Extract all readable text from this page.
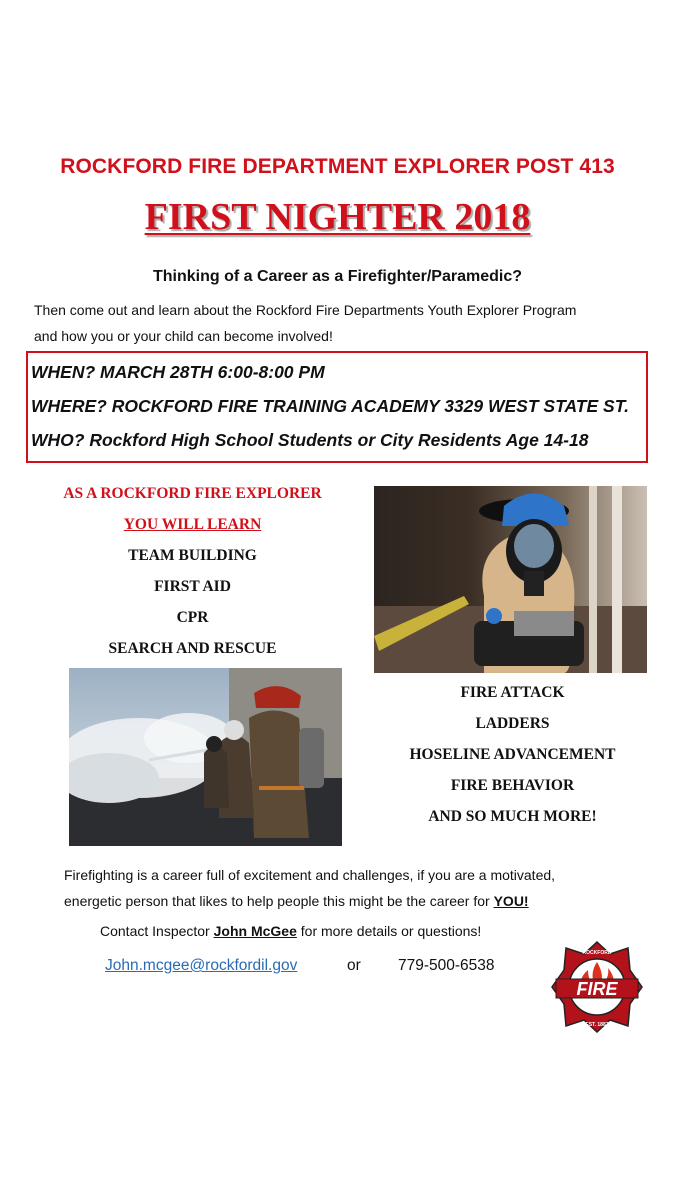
ROCKFORD FIRE DEPARTMENT EXPLORER POST 413
FIRST NIGHTER 2018
Thinking of a Career as a Firefighter/Paramedic?
Then come out and learn about the Rockford Fire Departments Youth Explorer Program
and how you or your child can become involved!
WHEN? MARCH 28TH 6:00-8:00 PM
WHERE? ROCKFORD FIRE TRAINING ACADEMY 3329 WEST STATE ST.
WHO? Rockford High School Students or City Residents Age 14-18
AS A ROCKFORD FIRE EXPLORER
YOU WILL LEARN
TEAM BUILDING
FIRST AID
CPR
SEARCH AND RESCUE
FIRE ATTACK
LADDERS
HOSELINE ADVANCEMENT
FIRE BEHAVIOR
AND SO MUCH MORE!
Firefighting is a career full of excitement and challenges, if you are a motivated,
energetic person that likes to help people this might be the career for YOU!
Contact Inspector John McGee for more details or questions!
John.mcgee@rockfordil.gov	or 779-500-6538
FIRE
ROCKFORD
EST. 1887
